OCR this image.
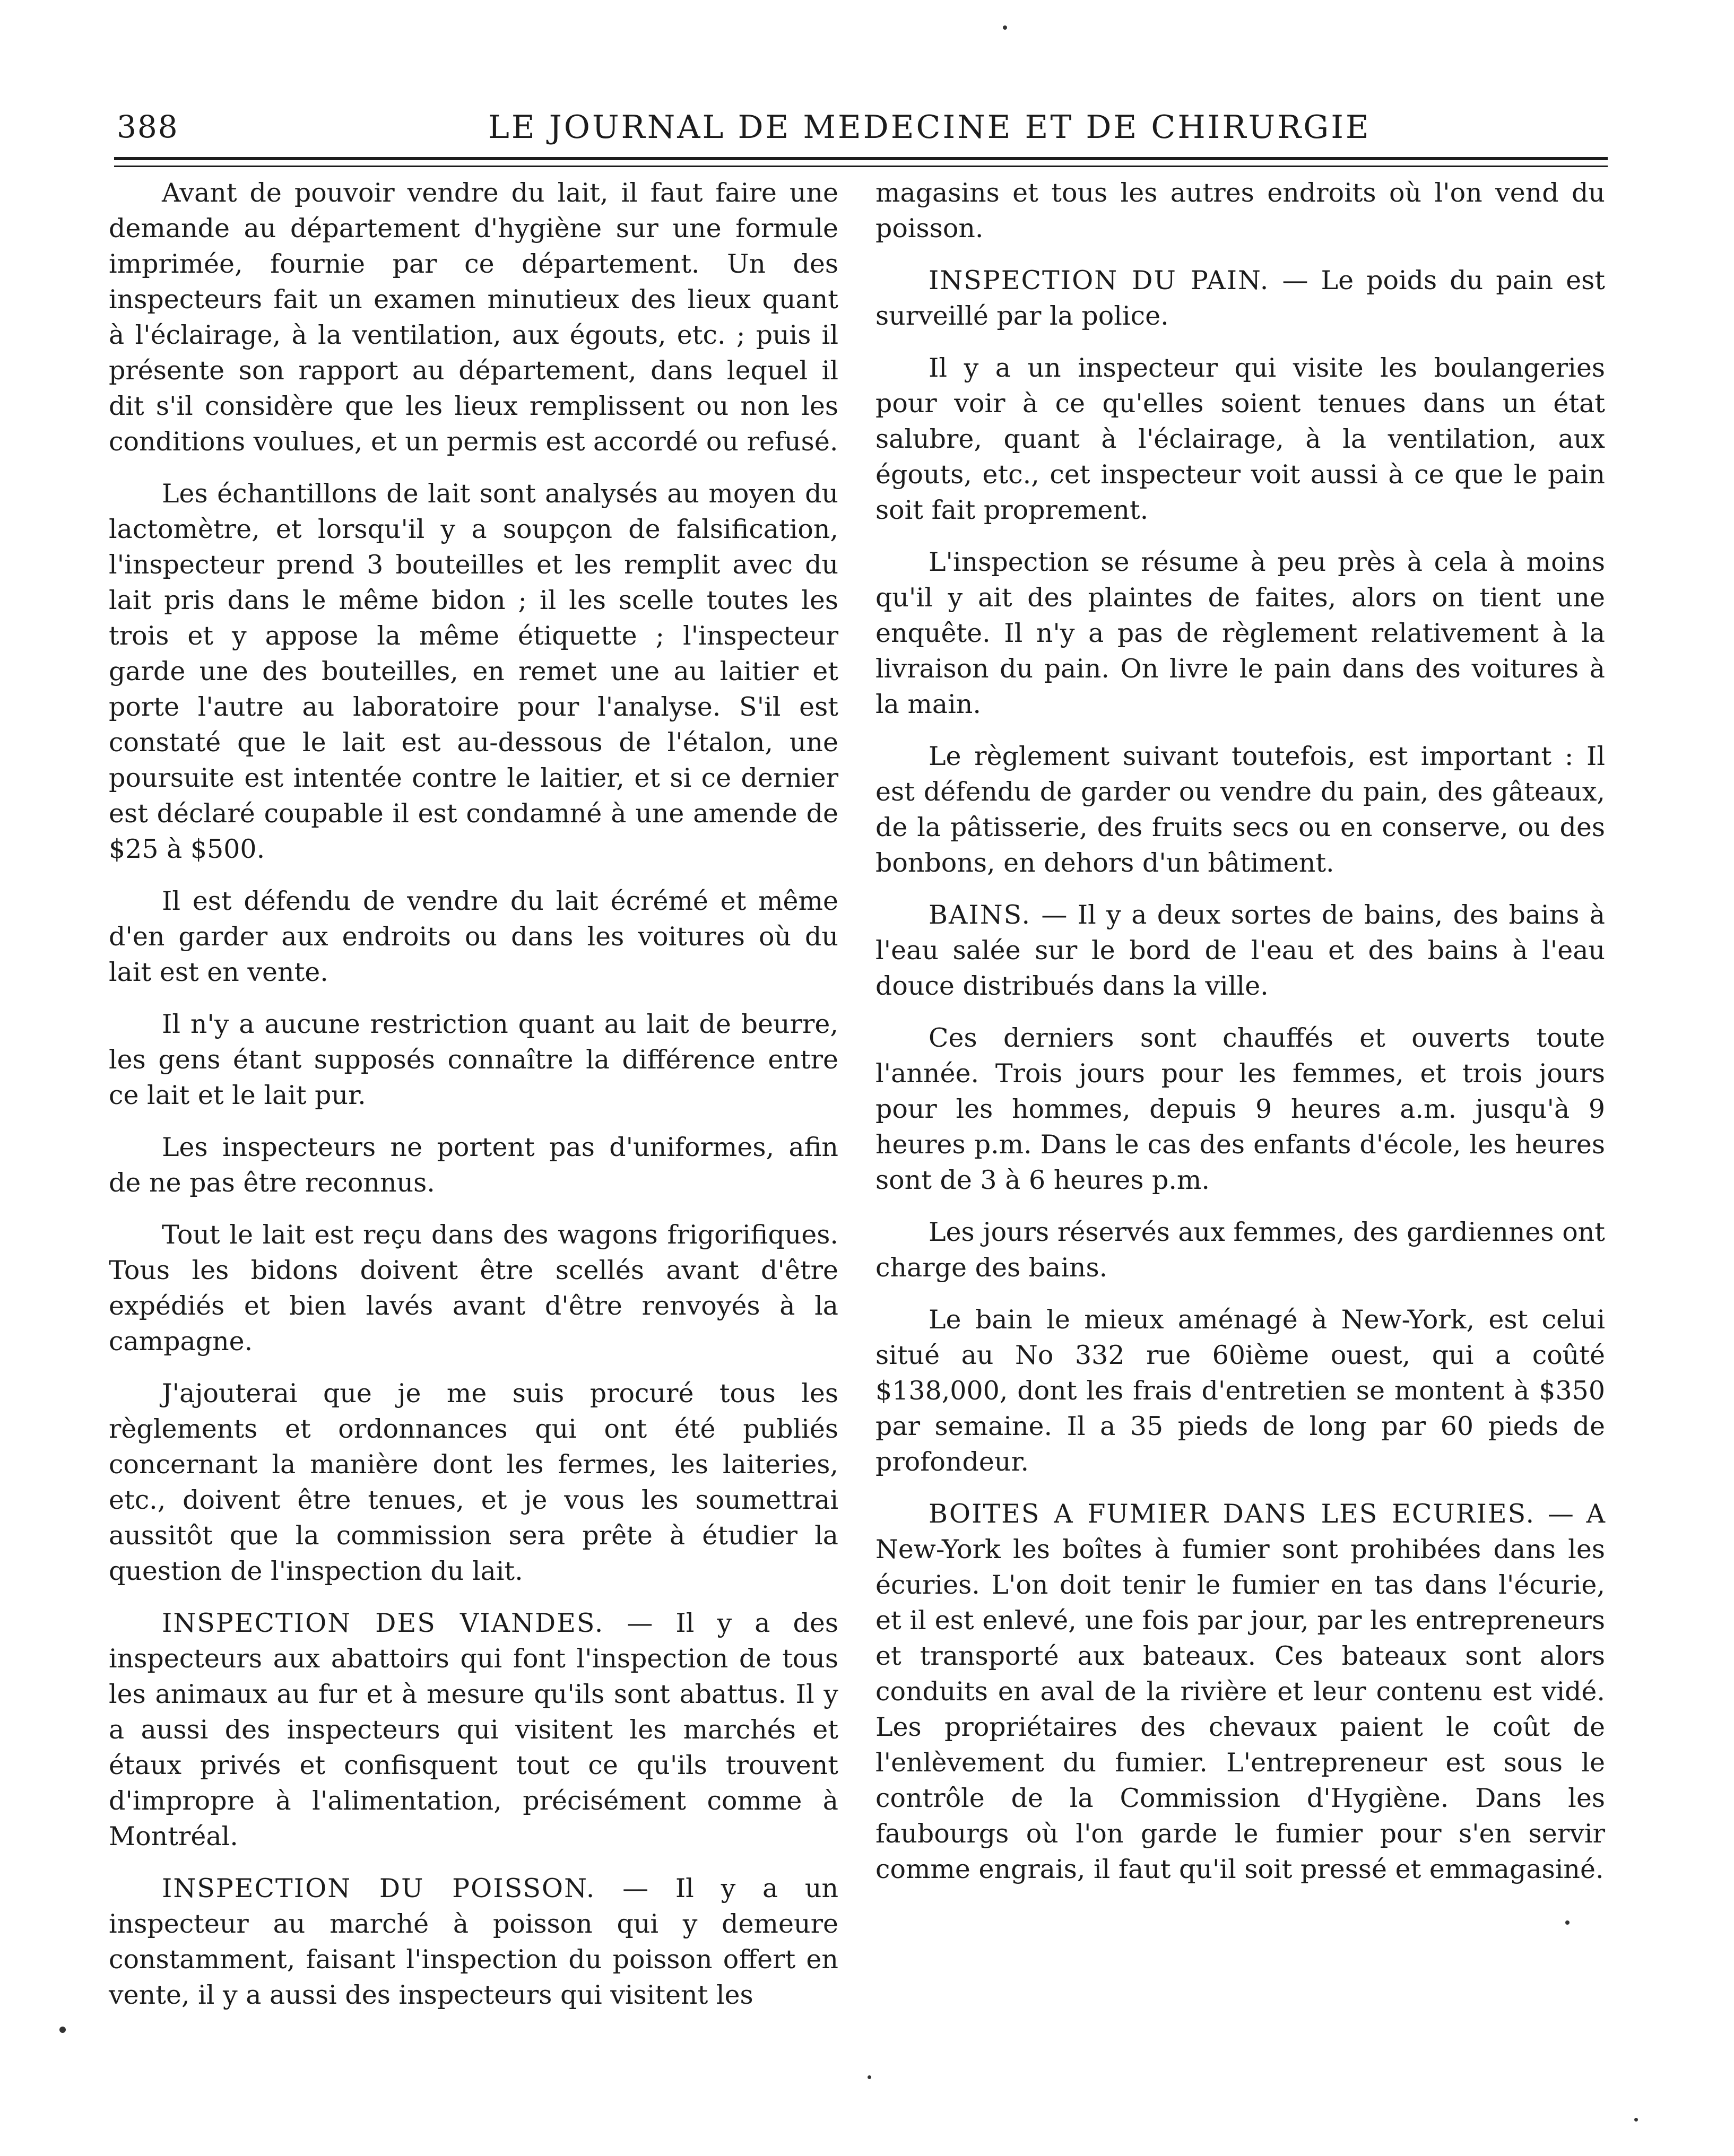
388	LE JOURNAL DE MEDECINE ET DE CHIRURGIE

Avant de pouvoir vendre du lait, il faut faire une demande au département d'hygiène sur une formule imprimée, fournie par ce département. Un des inspecteurs fait un examen minutieux des lieux quant à l'éclairage, à la ventilation, aux égouts, etc. ; puis il présente son rapport au département, dans lequel il dit s'il considère que les lieux remplissent ou non les conditions voulues, et un permis est accordé ou refusé.

Les échantillons de lait sont analysés au moyen du lactomètre, et lorsqu'il y a soupçon de falsification, l'inspecteur prend 3 bouteilles et les remplit avec du lait pris dans le même bidon ; il les scelle toutes les trois et y appose la même étiquette ; l'inspecteur garde une des bouteilles, en remet une au laitier et porte l'autre au laboratoire pour l'analyse. S'il est constaté que le lait est au-dessous de l'étalon, une poursuite est intentée contre le laitier, et si ce dernier est déclaré coupable il est condamné à une amende de $25 à $500.

Il est défendu de vendre du lait écrémé et même d'en garder aux endroits ou dans les voitures où du lait est en vente.

Il n'y a aucune restriction quant au lait de beurre, les gens étant supposés connaître la différence entre ce lait et le lait pur.

Les inspecteurs ne portent pas d'uniformes, afin de ne pas être reconnus.

Tout le lait est reçu dans des wagons frigorifiques. Tous les bidons doivent être scellés avant d'être expédiés et bien lavés avant d'être renvoyés à la campagne.

J'ajouterai que je me suis procuré tous les règlements et ordonnances qui ont été publiés concernant la manière dont les fermes, les laiteries, etc., doivent être tenues, et je vous les soumettrai aussitôt que la commission sera prête à étudier la question de l'inspection du lait.

INSPECTION DES VIANDES. — Il y a des inspecteurs aux abattoirs qui font l'inspection de tous les animaux au fur et à mesure qu'ils sont abattus. Il y a aussi des inspecteurs qui visitent les marchés et étaux privés et confisquent tout ce qu'ils trouvent d'impropre à l'alimentation, précisément comme à Montréal.

INSPECTION DU POISSON. — Il y a un inspecteur au marché à poisson qui y demeure constamment, faisant l'inspection du poisson offert en vente, il y a aussi des inspecteurs qui visitent les

magasins et tous les autres endroits où l'on vend du poisson.

INSPECTION DU PAIN. — Le poids du pain est surveillé par la police.

Il y a un inspecteur qui visite les boulangeries pour voir à ce qu'elles soient tenues dans un état salubre, quant à l'éclairage, à la ventilation, aux égouts, etc., cet inspecteur voit aussi à ce que le pain soit fait proprement.

L'inspection se résume à peu près à cela à moins qu'il y ait des plaintes de faites, alors on tient une enquête. Il n'y a pas de règlement relativement à la livraison du pain. On livre le pain dans des voitures à la main.

Le règlement suivant toutefois, est important : Il est défendu de garder ou vendre du pain, des gâteaux, de la pâtisserie, des fruits secs ou en conserve, ou des bonbons, en dehors d'un bâtiment.

BAINS. — Il y a deux sortes de bains, des bains à l'eau salée sur le bord de l'eau et des bains à l'eau douce distribués dans la ville.

Ces derniers sont chauffés et ouverts toute l'année. Trois jours pour les femmes, et trois jours pour les hommes, depuis 9 heures a.m. jusqu'à 9 heures p.m. Dans le cas des enfants d'école, les heures sont de 3 à 6 heures p.m.

Les jours réservés aux femmes, des gardiennes ont charge des bains.

Le bain le mieux aménagé à New-York, est celui situé au No 332 rue 60ième ouest, qui a coûté $138,000, dont les frais d'entretien se montent à $350 par semaine. Il a 35 pieds de long par 60 pieds de profondeur.

BOITES A FUMIER DANS LES ECURIES. — A New-York les boîtes à fumier sont prohibées dans les écuries. L'on doit tenir le fumier en tas dans l'écurie, et il est enlevé, une fois par jour, par les entrepreneurs et transporté aux bateaux. Ces bateaux sont alors conduits en aval de la rivière et leur contenu est vidé. Les propriétaires des chevaux paient le coût de l'enlèvement du fumier. L'entrepreneur est sous le contrôle de la Commission d'Hygiène. Dans les faubourgs où l'on garde le fumier pour s'en servir comme engrais, il faut qu'il soit pressé et emmagasiné.
